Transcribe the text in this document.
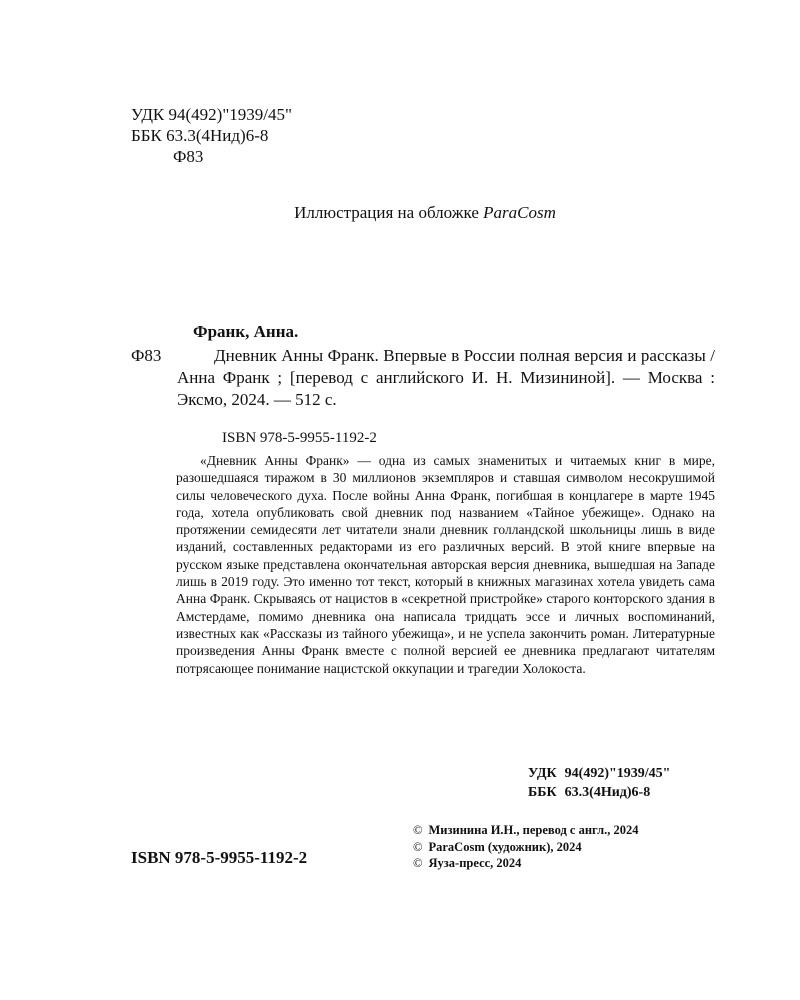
УДК 94(492)"1939/45"
ББК 63.3(4Нид)6-8
Ф83
Иллюстрация на обложке ParaCosm
Франк, Анна.
Ф83	Дневник Анны Франк. Впервые в России полная версия и рассказы / Анна Франк ; [перевод с английского И. Н. Мизининой]. — Москва : Эксмо, 2024. — 512 с.
ISBN 978-5-9955-1192-2
«Дневник Анны Франк» — одна из самых знаменитых и читаемых книг в мире, разошедшаяся тиражом в 30 миллионов экземпляров и ставшая символом несокрушимой силы человеческого духа. После войны Анна Франк, погибшая в концлагере в марте 1945 года, хотела опубликовать свой дневник под названием «Тайное убежище». Однако на протяжении семидесяти лет читатели знали дневник голландской школьницы лишь в виде изданий, составленных редакторами из его различных версий. В этой книге впервые на русском языке представлена окончательная авторская версия дневника, вышедшая на Западе лишь в 2019 году. Это именно тот текст, который в книжных магазинах хотела увидеть сама Анна Франк. Скрываясь от нацистов в «секретной пристройке» старого конторского здания в Амстердаме, помимо дневника она написала тридцать эссе и личных воспоминаний, известных как «Рассказы из тайного убежища», и не успела закончить роман. Литературные произведения Анны Франк вместе с полной версией ее дневника предлагают читателям потрясающее понимание нацистской оккупации и трагедии Холокоста.
УДК 94(492)"1939/45"
ББК 63.3(4Нид)6-8
© Мизинина И.Н., перевод с англ., 2024
© ParaCosm (художник), 2024
© Яуза-пресс, 2024
ISBN 978-5-9955-1192-2
